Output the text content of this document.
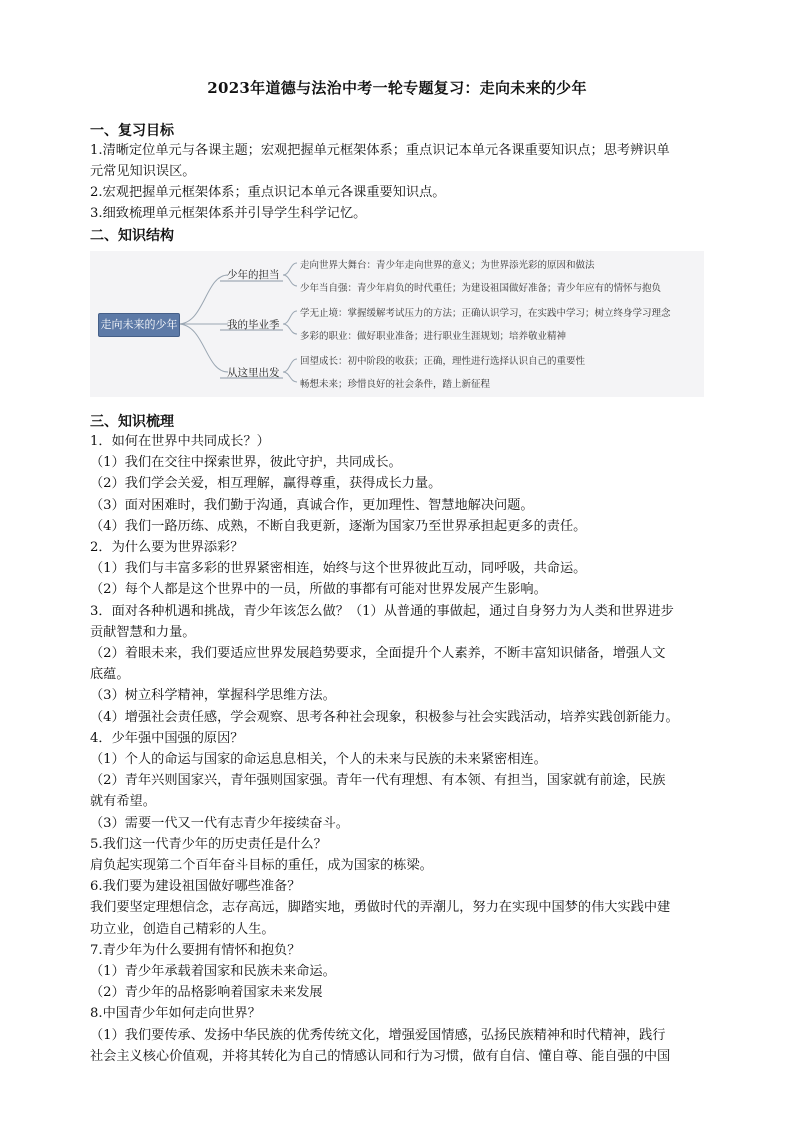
2023年道德与法治中考一轮专题复习：走向未来的少年
一、复习目标
1.清晰定位单元与各课主题；宏观把握单元框架体系；重点识记本单元各课重要知识点；思考辨识单
元常见知识误区。
2.宏观把握单元框架体系；重点识记本单元各课重要知识点。
3.细致梳理单元框架体系并引导学生科学记忆。
二、知识结构
走向未来的少年
少年的担当
我的毕业季
从这里出发
走向世界大舞台：青少年走向世界的意义；为世界添光彩的原因和做法
少年当自强：青少年肩负的时代重任；为建设祖国做好准备；青少年应有的情怀与抱负
学无止境：掌握缓解考试压力的方法；正确认识学习，在实践中学习；树立终身学习理念
多彩的职业：做好职业准备；进行职业生涯规划；培养敬业精神
回望成长：初中阶段的收获；正确，理性进行选择认识自己的重要性
畅想未来；珍惜良好的社会条件，踏上新征程
三、知识梳理
1．如何在世界中共同成长？）
（1）我们在交往中探索世界，彼此守护，共同成长。
（2）我们学会关爱，相互理解，赢得尊重，获得成长力量。
（3）面对困难时，我们勤于沟通，真诚合作，更加理性、智慧地解决问题。
（4）我们一路历练、成熟，不断自我更新，逐渐为国家乃至世界承担起更多的责任。
2．为什么要为世界添彩？
（1）我们与丰富多彩的世界紧密相连，始终与这个世界彼此互动，同呼吸，共命运。
（2）每个人都是这个世界中的一员，所做的事都有可能对世界发展产生影响。
3．面对各种机遇和挑战，青少年该怎么做？（1）从普通的事做起，通过自身努力为人类和世界进步
贡献智慧和力量。
（2）着眼未来，我们要适应世界发展趋势要求，全面提升个人素养，不断丰富知识储备，增强人文
底蕴。
（3）树立科学精神，掌握科学思维方法。
（4）增强社会责任感，学会观察、思考各种社会现象，积极参与社会实践活动，培养实践创新能力。
4．少年强中国强的原因？
（1）个人的命运与国家的命运息息相关，个人的未来与民族的未来紧密相连。
（2）青年兴则国家兴，青年强则国家强。青年一代有理想、有本领、有担当，国家就有前途，民族
就有希望。
（3）需要一代又一代有志青少年接续奋斗。
5.我们这一代青少年的历史责任是什么？
肩负起实现第二个百年奋斗目标的重任，成为国家的栋梁。
6.我们要为建设祖国做好哪些准备？
我们要坚定理想信念，志存高远，脚踏实地，勇做时代的弄潮儿，努力在实现中国梦的伟大实践中建
功立业，创造自己精彩的人生。
7.青少年为什么要拥有情怀和抱负？
（1）青少年承载着国家和民族未来命运。
（2）青少年的品格影响着国家未来发展
8.中国青少年如何走向世界？
（1）我们要传承、发扬中华民族的优秀传统文化，增强爱国情感，弘扬民族精神和时代精神，践行
社会主义核心价值观，并将其转化为自己的情感认同和行为习惯，做有自信、懂自尊、能自强的中国
